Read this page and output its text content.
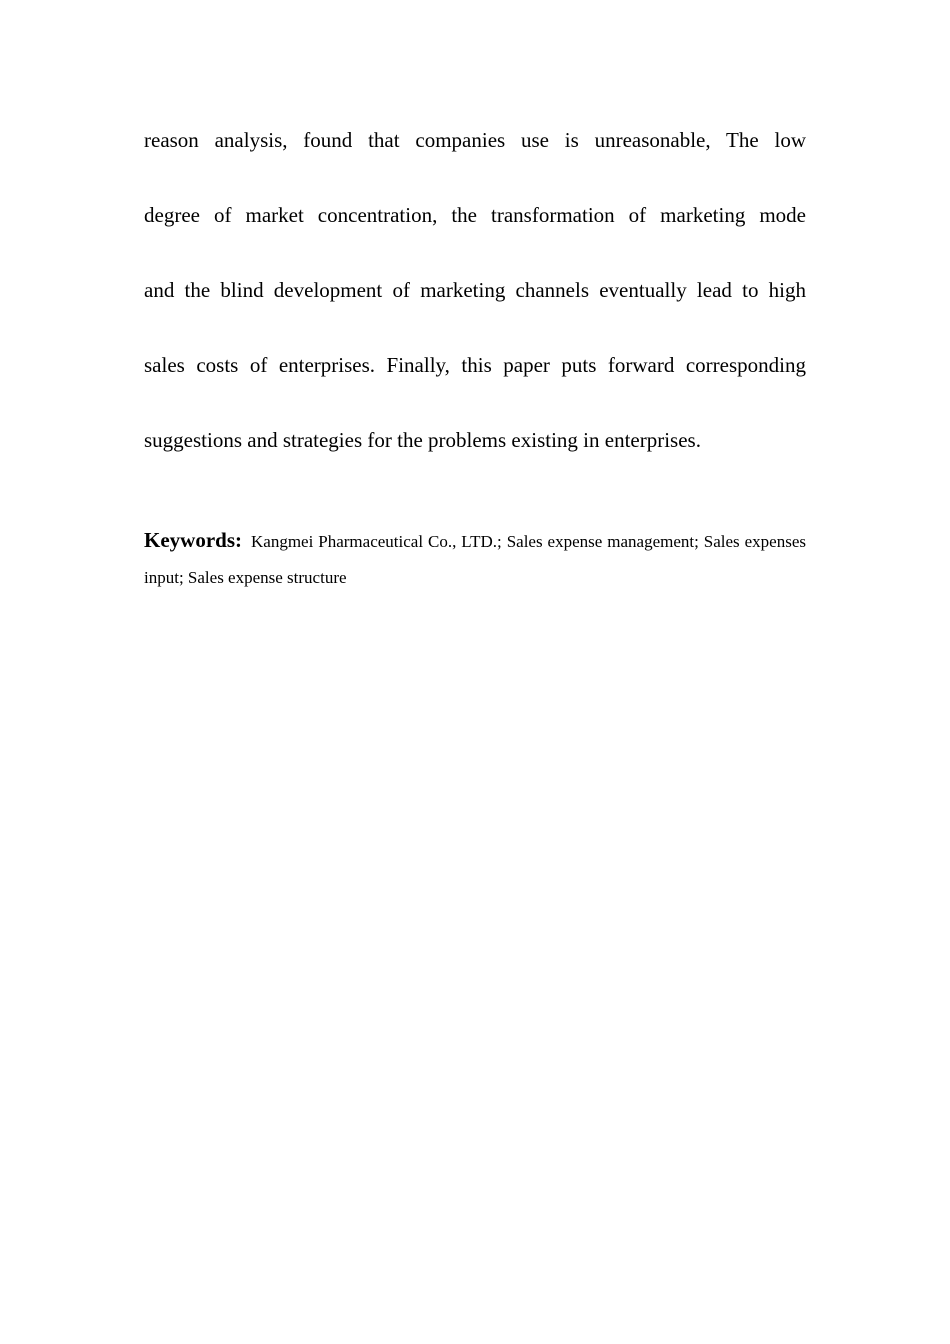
reason analysis, found that companies use is unreasonable, The low
degree of market concentration, the transformation of marketing mode
and the blind development of marketing channels eventually lead to high
sales costs of enterprises. Finally, this paper puts forward corresponding
suggestions and strategies for the problems existing in enterprises.

Keywords: Kangmei Pharmaceutical Co., LTD.; Sales expense management; Sales expenses input; Sales expense structure
